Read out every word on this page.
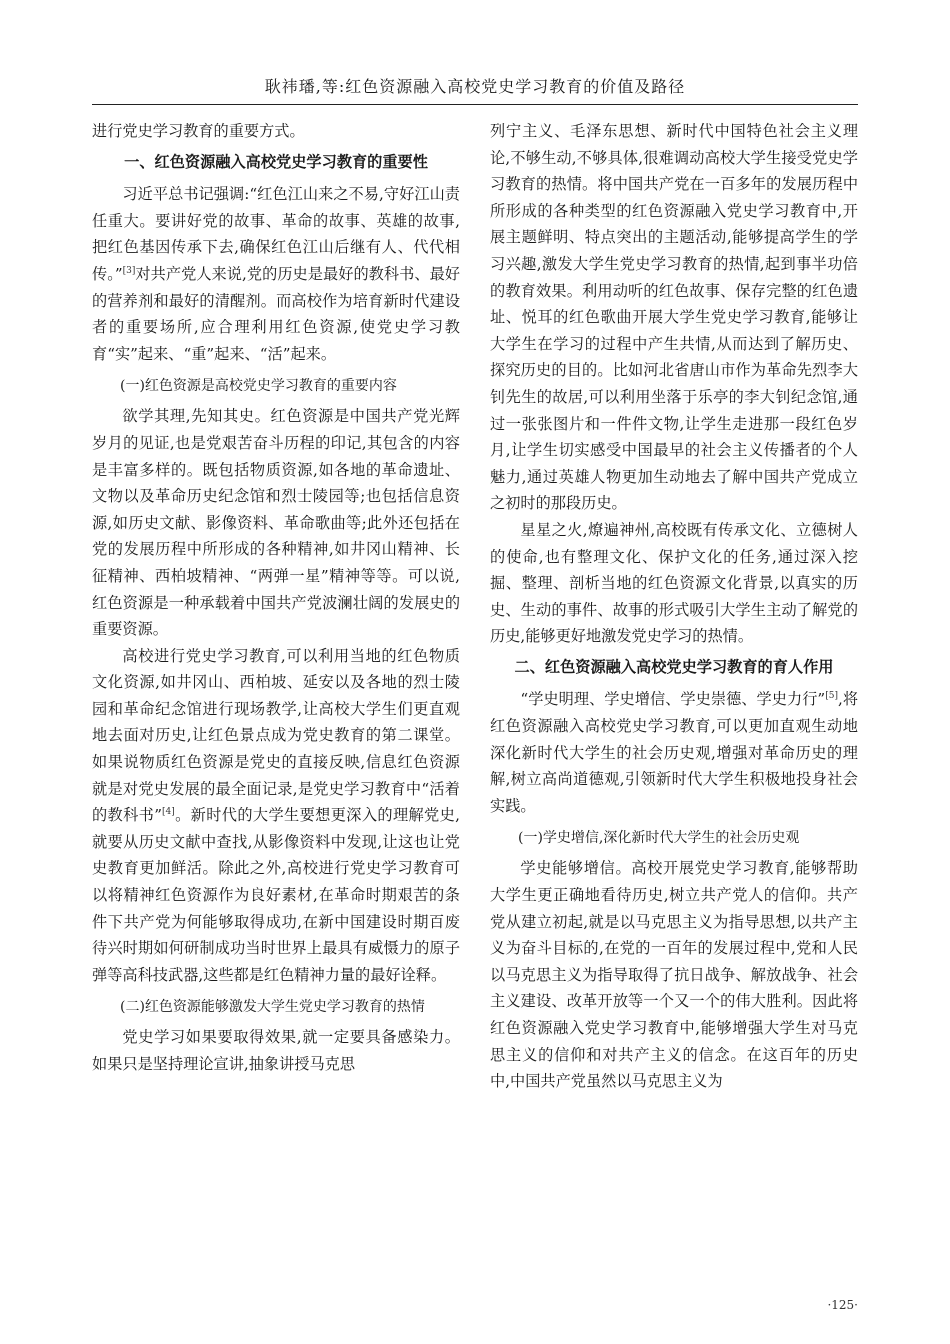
耿祎璠,等:红色资源融入高校党史学习教育的价值及路径

进行党史学习教育的重要方式。

一、红色资源融入高校党史学习教育的重要性

习近平总书记强调:“红色江山来之不易,守好江山责任重大。要讲好党的故事、革命的故事、英雄的故事,把红色基因传承下去,确保红色江山后继有人、代代相传。”[3]对共产党人来说,党的历史是最好的教科书、最好的营养剂和最好的清醒剂。而高校作为培育新时代建设者的重要场所,应合理利用红色资源,使党史学习教育“实”起来、“重”起来、“活”起来。

(一)红色资源是高校党史学习教育的重要内容

欲学其理,先知其史。红色资源是中国共产党光辉岁月的见证,也是党艰苦奋斗历程的印记,其包含的内容是丰富多样的。既包括物质资源,如各地的革命遗址、文物以及革命历史纪念馆和烈士陵园等;也包括信息资源,如历史文献、影像资料、革命歌曲等;此外还包括在党的发展历程中所形成的各种精神,如井冈山精神、长征精神、西柏坡精神、“两弹一星”精神等等。可以说,红色资源是一种承载着中国共产党波澜壮阔的发展史的重要资源。

高校进行党史学习教育,可以利用当地的红色物质文化资源,如井冈山、西柏坡、延安以及各地的烈士陵园和革命纪念馆进行现场教学,让高校大学生们更直观地去面对历史,让红色景点成为党史教育的第二课堂。如果说物质红色资源是党史的直接反映,信息红色资源就是对党史发展的最全面记录,是党史学习教育中“活着的教科书”[4]。新时代的大学生要想更深入的理解党史,就要从历史文献中查找,从影像资料中发现,让这也让党史教育更加鲜活。除此之外,高校进行党史学习教育可以将精神红色资源作为良好素材,在革命时期艰苦的条件下共产党为何能够取得成功,在新中国建设时期百废待兴时期如何研制成功当时世界上最具有威慑力的原子弹等高科技武器,这些都是红色精神力量的最好诠释。

(二)红色资源能够激发大学生党史学习教育的热情

党史学习如果要取得效果,就一定要具备感染力。如果只是坚持理论宣讲,抽象讲授马克思

列宁主义、毛泽东思想、新时代中国特色社会主义理论,不够生动,不够具体,很难调动高校大学生接受党史学习教育的热情。将中国共产党在一百多年的发展历程中所形成的各种类型的红色资源融入党史学习教育中,开展主题鲜明、特点突出的主题活动,能够提高学生的学习兴趣,激发大学生党史学习教育的热情,起到事半功倍的教育效果。利用动听的红色故事、保存完整的红色遗址、悦耳的红色歌曲开展大学生党史学习教育,能够让大学生在学习的过程中产生共情,从而达到了解历史、探究历史的目的。比如河北省唐山市作为革命先烈李大钊先生的故居,可以利用坐落于乐亭的李大钊纪念馆,通过一张张图片和一件件文物,让学生走进那一段红色岁月,让学生切实感受中国最早的社会主义传播者的个人魅力,通过英雄人物更加生动地去了解中国共产党成立之初时的那段历史。

星星之火,燎遍神州,高校既有传承文化、立德树人的使命,也有整理文化、保护文化的任务,通过深入挖掘、整理、剖析当地的红色资源文化背景,以真实的历史、生动的事件、故事的形式吸引大学生主动了解党的历史,能够更好地激发党史学习的热情。

二、红色资源融入高校党史学习教育的育人作用

“学史明理、学史增信、学史崇德、学史力行”[5],将红色资源融入高校党史学习教育,可以更加直观生动地深化新时代大学生的社会历史观,增强对革命历史的理解,树立高尚道德观,引领新时代大学生积极地投身社会实践。

(一)学史增信,深化新时代大学生的社会历史观

学史能够增信。高校开展党史学习教育,能够帮助大学生更正确地看待历史,树立共产党人的信仰。共产党从建立初起,就是以马克思主义为指导思想,以共产主义为奋斗目标的,在党的一百年的发展过程中,党和人民以马克思主义为指导取得了抗日战争、解放战争、社会主义建设、改革开放等一个又一个的伟大胜利。因此将红色资源融入党史学习教育中,能够增强大学生对马克思主义的信仰和对共产主义的信念。在这百年的历史中,中国共产党虽然以马克思主义为

·125·
